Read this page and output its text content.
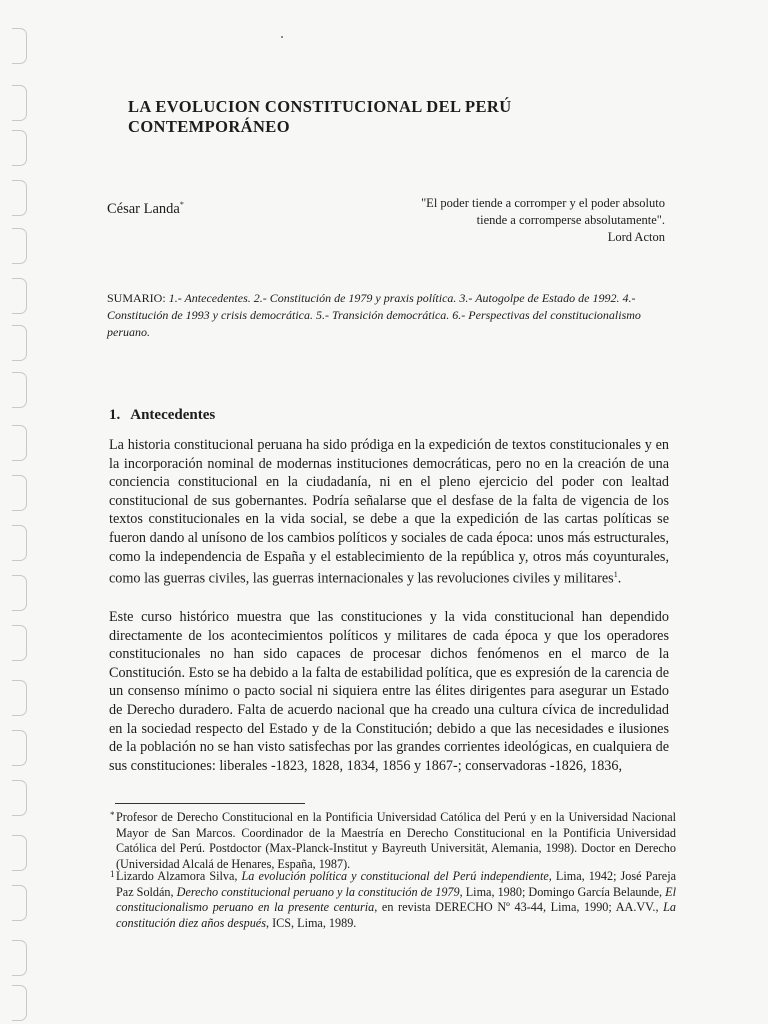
LA EVOLUCION CONSTITUCIONAL DEL PERÚ CONTEMPORÁNEO
César Landa*	"El poder tiende a corromper y el poder absoluto
tiende a corromperse absolutamente".
Lord Acton

SUMARIO: 1.- Antecedentes. 2.- Constitución de 1979 y praxis política. 3.- Autogolpe de Estado de 1992. 4.- Constitución de 1993 y crisis democrática. 5.- Transición democrática. 6.- Perspectivas del constitucionalismo peruano.

1. Antecedentes

La historia constitucional peruana ha sido pródiga en la expedición de textos constitucionales y en la incorporación nominal de modernas instituciones democráticas, pero no en la creación de una conciencia constitucional en la ciudadanía, ni en el pleno ejercicio del poder con lealtad constitucional de sus gobernantes. Podría señalarse que el desfase de la falta de vigencia de los textos constitucionales en la vida social, se debe a que la expedición de las cartas políticas se fueron dando al unísono de los cambios políticos y sociales de cada época: unos más estructurales, como la independencia de España y el establecimiento de la república y, otros más coyunturales, como las guerras civiles, las guerras internacionales y las revoluciones civiles y militares$^1$.

Este curso histórico muestra que las constituciones y la vida constitucional han dependido directamente de los acontecimientos políticos y militares de cada época y que los operadores constitucionales no han sido capaces de procesar dichos fenómenos en el marco de la Constitución. Esto se ha debido a la falta de estabilidad política, que es expresión de la carencia de un consenso mínimo o pacto social ni siquiera entre las élites dirigentes para asegurar un Estado de Derecho duradero. Falta de acuerdo nacional que ha creado una cultura cívica de incredulidad en la sociedad respecto del Estado y de la Constitución; debido a que las necesidades e ilusiones de la población no se han visto satisfechas por las grandes corrientes ideológicas, en cualquiera de sus constituciones: liberales -1823, 1828, 1834, 1856 y 1867-; conservadoras -1826, 1836,

* Profesor de Derecho Constitucional en la Pontificia Universidad Católica del Perú y en la Universidad Nacional Mayor de San Marcos. Coordinador de la Maestría en Derecho Constitucional en la Pontificia Universidad Católica del Perú. Postdoctor (Max-Planck-Institut y Bayreuth Universität, Alemania, 1998). Doctor en Derecho (Universidad Alcalá de Henares, España, 1987).

1 Lizardo Alzamora Silva, La evolución política y constitucional del Perú independiente, Lima, 1942; José Pareja Paz Soldán, Derecho constitucional peruano y la constitución de 1979, Lima, 1980; Domingo García Belaunde, El constitucionalismo peruano en la presente centuria, en revista DERECHO Nº 43-44, Lima, 1990; AA.VV., La constitución diez años después, ICS, Lima, 1989.
